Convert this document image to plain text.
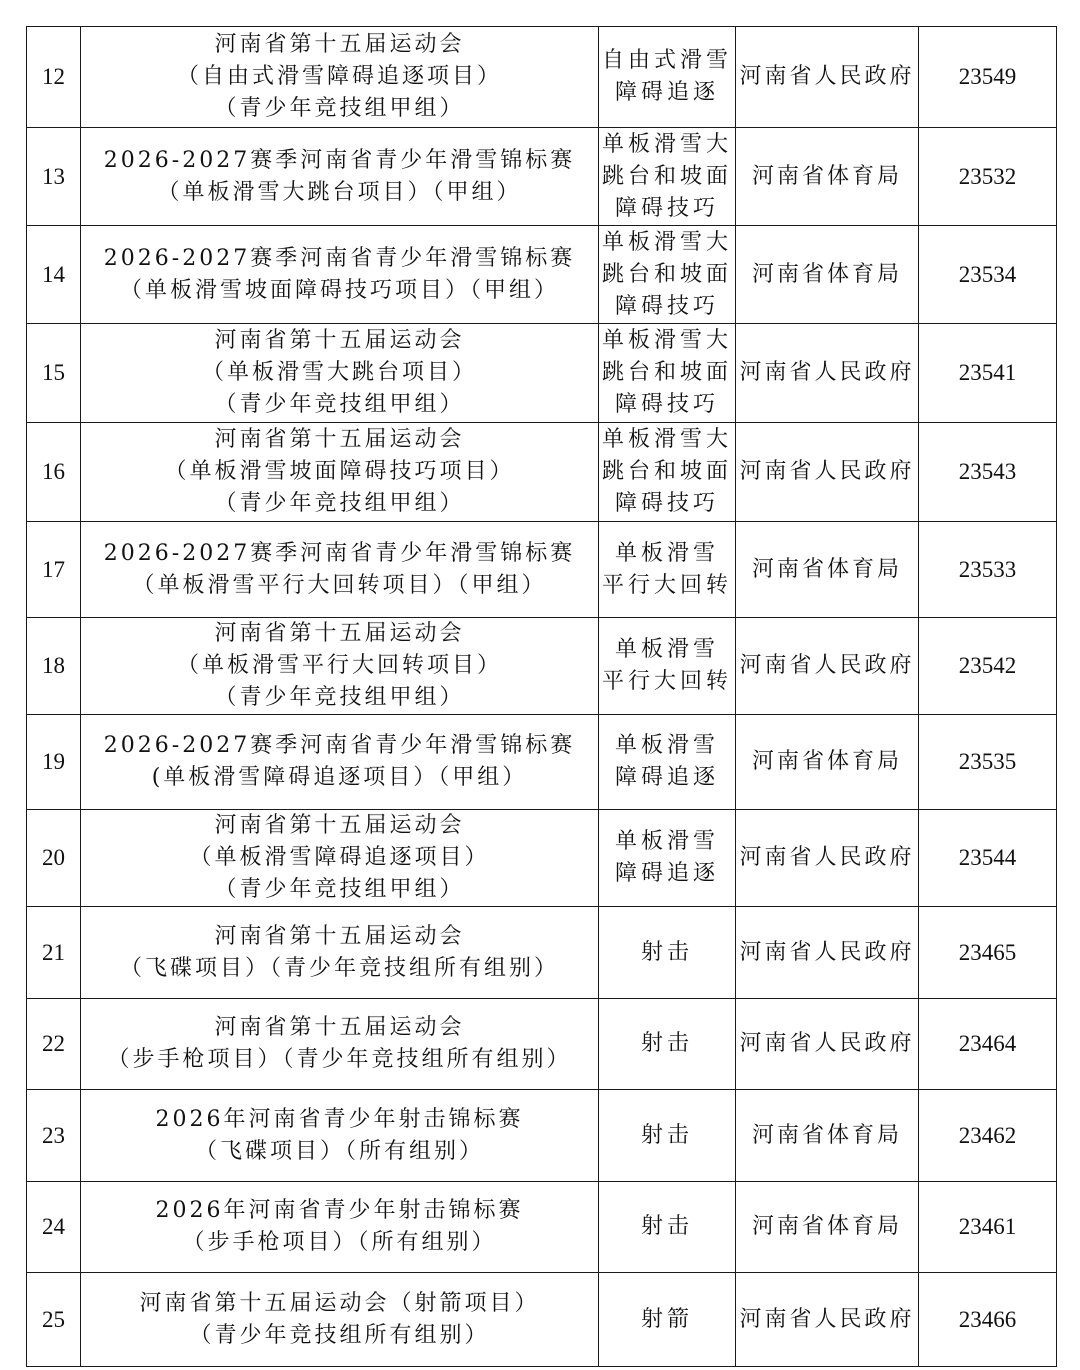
12	河南省第十五届运动会
（自由式滑雪障碍追逐项目）
（青少年竞技组甲组）	自由式滑雪
障碍追逐	河南省人民政府	23549
13	2026-2027赛季河南省青少年滑雪锦标赛
（单板滑雪大跳台项目）（甲组）	单板滑雪大
跳台和坡面
障碍技巧	河南省体育局	23532
14	2026-2027赛季河南省青少年滑雪锦标赛
（单板滑雪坡面障碍技巧项目）（甲组）	单板滑雪大
跳台和坡面
障碍技巧	河南省体育局	23534
15	河南省第十五届运动会
（单板滑雪大跳台项目）
（青少年竞技组甲组）	单板滑雪大
跳台和坡面
障碍技巧	河南省人民政府	23541
16	河南省第十五届运动会
（单板滑雪坡面障碍技巧项目）
（青少年竞技组甲组）	单板滑雪大
跳台和坡面
障碍技巧	河南省人民政府	23543
17	2026-2027赛季河南省青少年滑雪锦标赛
（单板滑雪平行大回转项目）（甲组）	单板滑雪
平行大回转	河南省体育局	23533
18	河南省第十五届运动会
（单板滑雪平行大回转项目）
（青少年竞技组甲组）	单板滑雪
平行大回转	河南省人民政府	23542
19	2026-2027赛季河南省青少年滑雪锦标赛
(单板滑雪障碍追逐项目）（甲组）	单板滑雪
障碍追逐	河南省体育局	23535
20	河南省第十五届运动会
（单板滑雪障碍追逐项目）
（青少年竞技组甲组）	单板滑雪
障碍追逐	河南省人民政府	23544
21	河南省第十五届运动会
（飞碟项目）（青少年竞技组所有组别）	射击	河南省人民政府	23465
22	河南省第十五届运动会
（步手枪项目）（青少年竞技组所有组别）	射击	河南省人民政府	23464
23	2026年河南省青少年射击锦标赛
（飞碟项目）（所有组别）	射击	河南省体育局	23462
24	2026年河南省青少年射击锦标赛
（步手枪项目）（所有组别）	射击	河南省体育局	23461
25	河南省第十五届运动会（射箭项目）
（青少年竞技组所有组别）	射箭	河南省人民政府	23466
